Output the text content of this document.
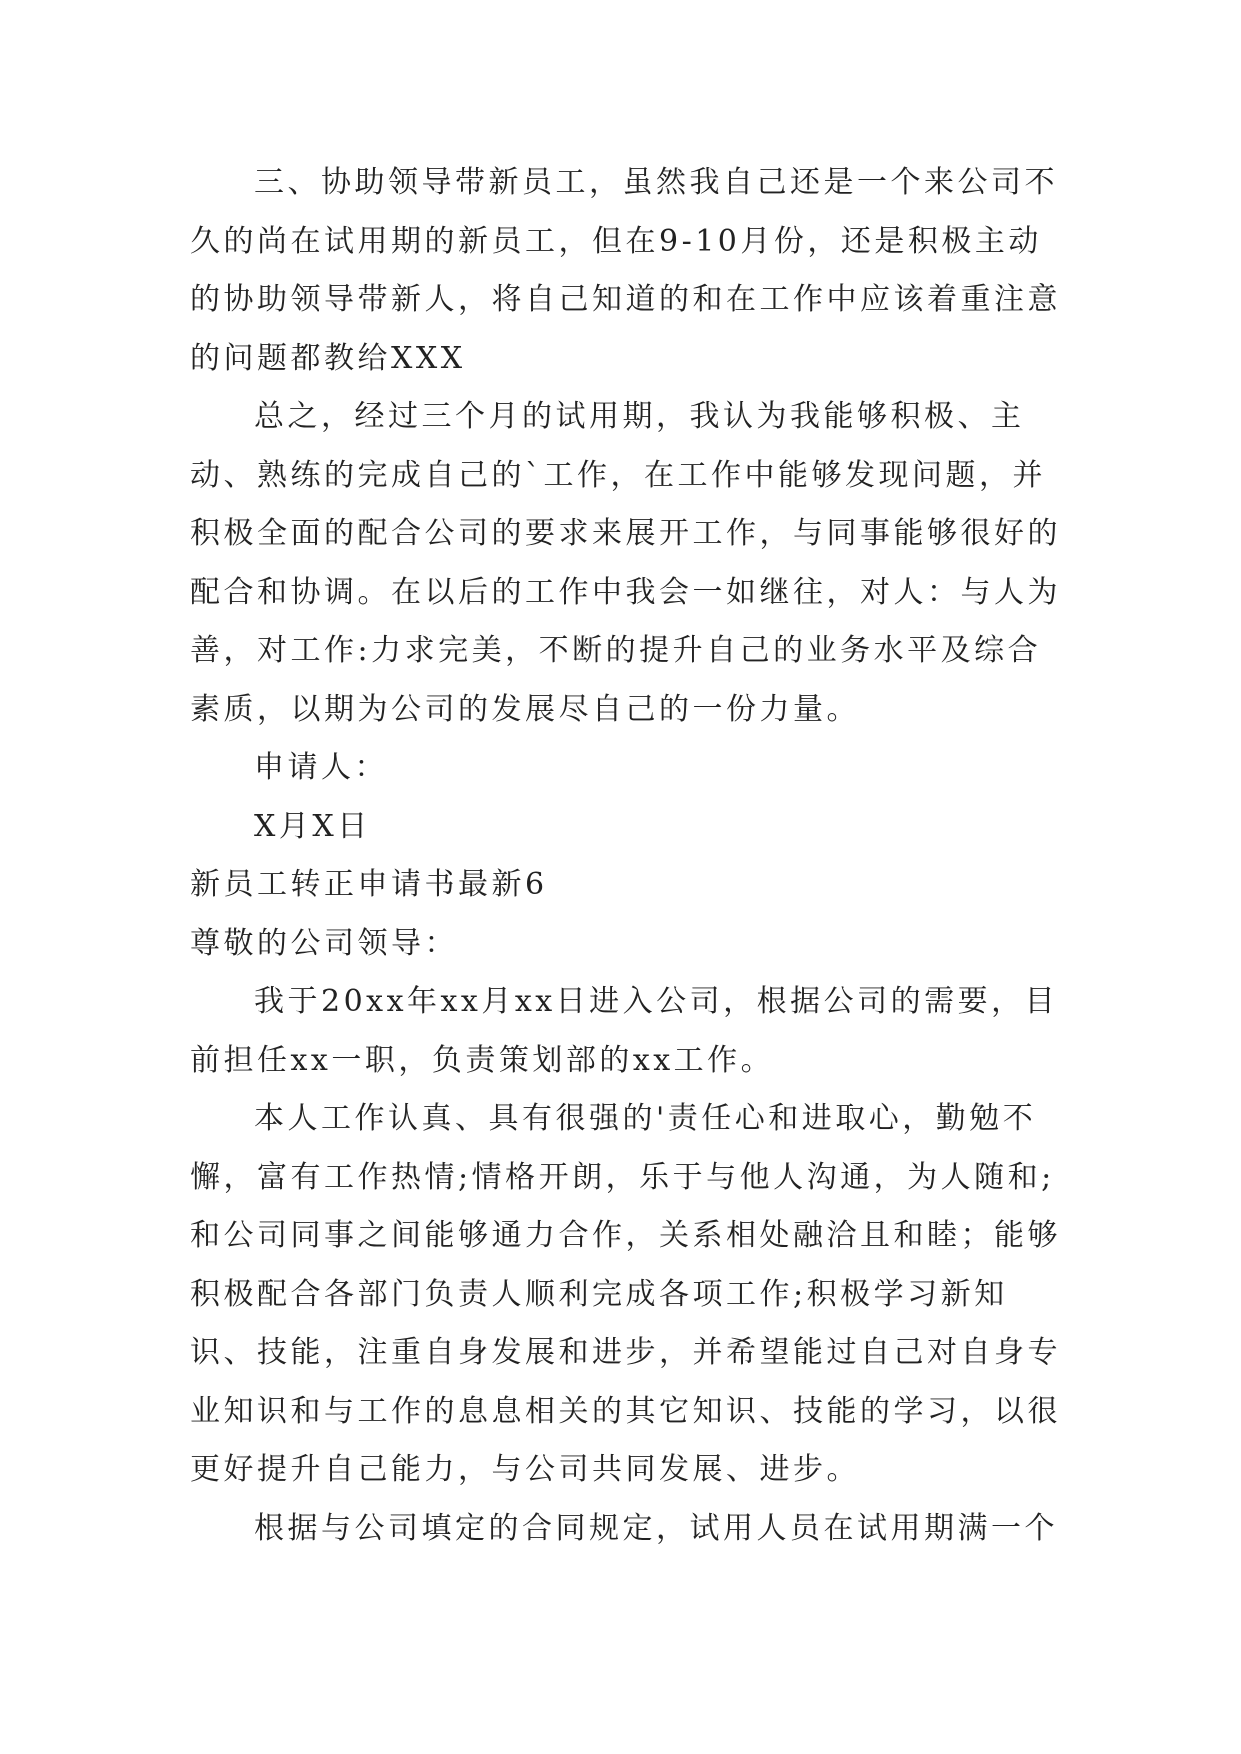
三、协助领导带新员工，虽然我自己还是一个来公司不久的尚在试用期的新员工，但在9-10月份，还是积极主动的协助领导带新人，将自己知道的和在工作中应该着重注意的问题都教给XXX

总之，经过三个月的试用期，我认为我能够积极、主动、熟练的完成自己的`工作，在工作中能够发现问题，并积极全面的配合公司的要求来展开工作，与同事能够很好的配合和协调。在以后的工作中我会一如继往，对人：与人为善，对工作:力求完美，不断的提升自己的业务水平及综合素质，以期为公司的发展尽自己的一份力量。

申请人：

X月X日

新员工转正申请书最新6

尊敬的公司领导：

我于20xx年xx月xx日进入公司，根据公司的需要，目前担任xx一职，负责策划部的xx工作。

本人工作认真、具有很强的'责任心和进取心，勤勉不懈，富有工作热情;情格开朗，乐于与他人沟通，为人随和;和公司同事之间能够通力合作，关系相处融洽且和睦；能够积极配合各部门负责人顺利完成各项工作;积极学习新知识、技能，注重自身发展和进步，并希望能过自己对自身专业知识和与工作的息息相关的其它知识、技能的学习，以很更好提升自己能力，与公司共同发展、进步。

根据与公司填定的合同规定，试用人员在试用期满一个
